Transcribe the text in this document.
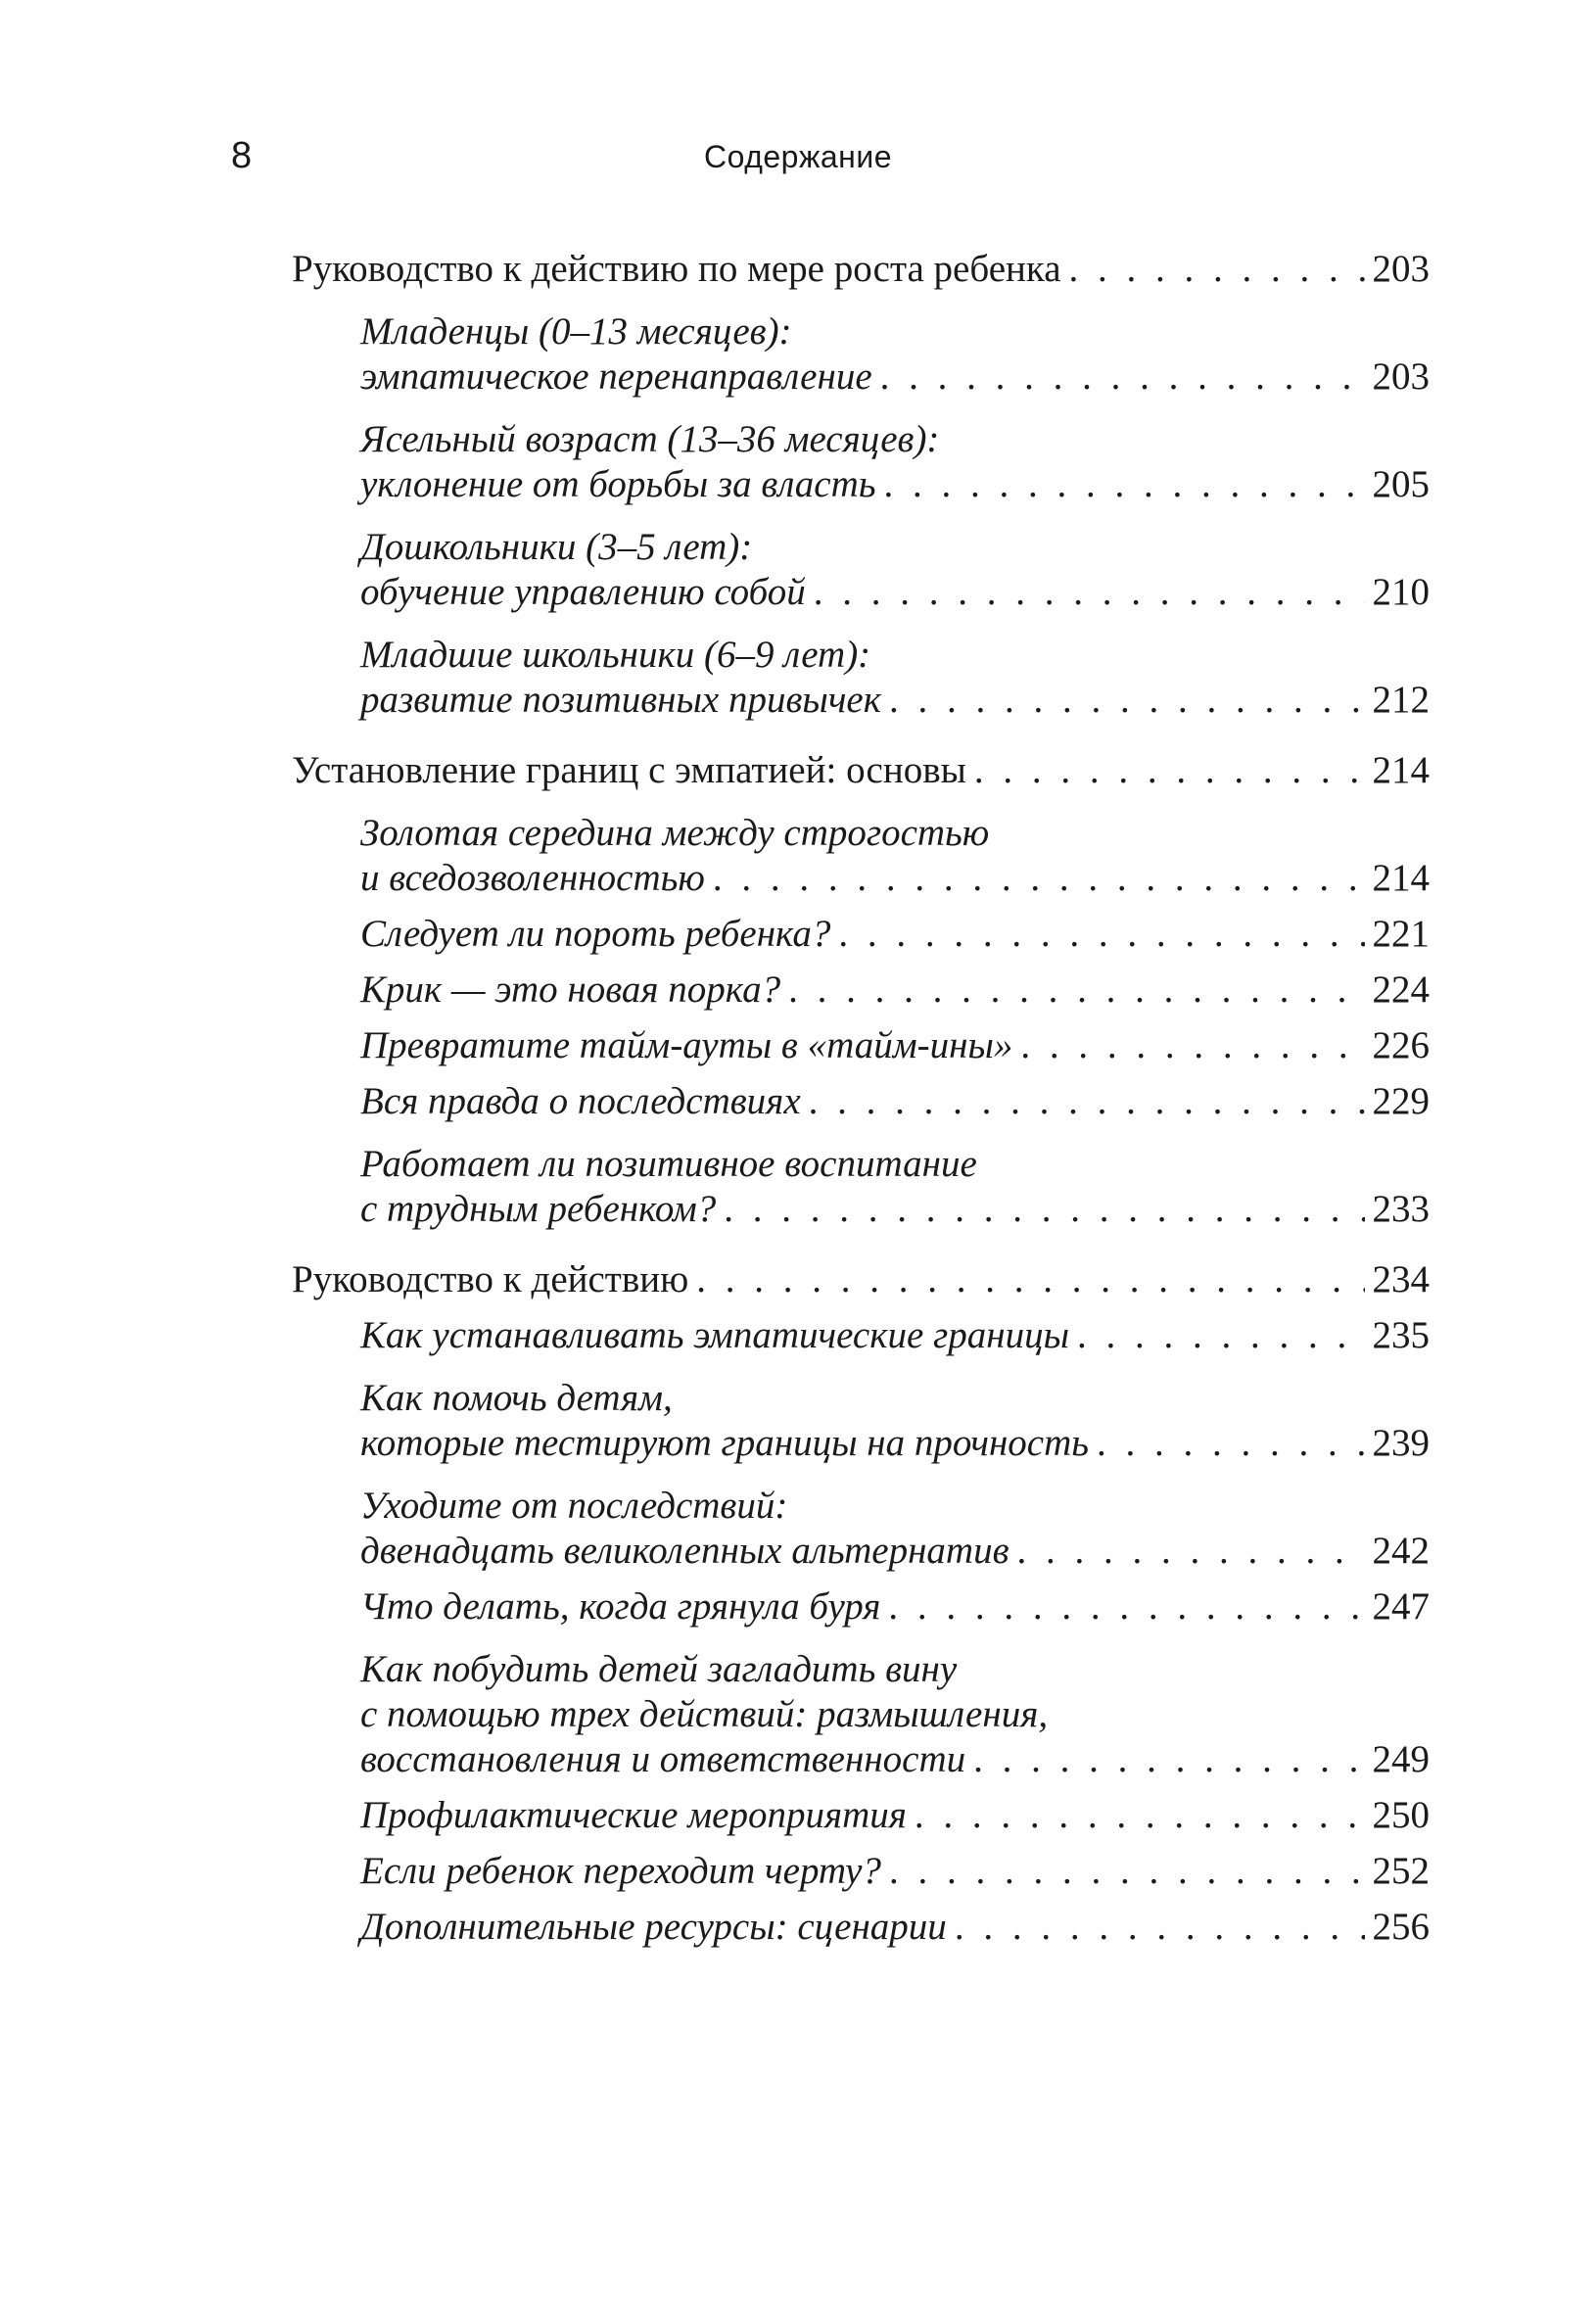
8	Содержание
Руководство к действию по мере роста ребенка . . .	203
Младенцы (0–13 месяцев):
эмпатическое перенаправление . . .	203
Ясельный возраст (13–36 месяцев):
уклонение от борьбы за власть . . .	205
Дошкольники (3–5 лет):
обучение управлению собой . . .	210
Младшие школьники (6–9 лет):
развитие позитивных привычек . . .	212
Установление границ с эмпатией: основы . . .	214
Золотая середина между строгостью
и вседозволенностью . . .	214
Следует ли пороть ребенка? . . .	221
Крик — это новая порка? . . .	224
Превратите тайм-ауты в «тайм-ины» . . .	226
Вся правда о последствиях . . .	229
Работает ли позитивное воспитание
с трудным ребенком? . . .	233
Руководство к действию . . .	234
Как устанавливать эмпатические границы . . .	235
Как помочь детям,
которые тестируют границы на прочность . . .	239
Уходите от последствий:
двенадцать великолепных альтернатив . . .	242
Что делать, когда грянула буря . . .	247
Как побудить детей загладить вину
с помощью трех действий: размышления,
восстановления и ответственности . . .	249
Профилактические мероприятия . . .	250
Если ребенок переходит черту? . . .	252
Дополнительные ресурсы: сценарии . . .	256
